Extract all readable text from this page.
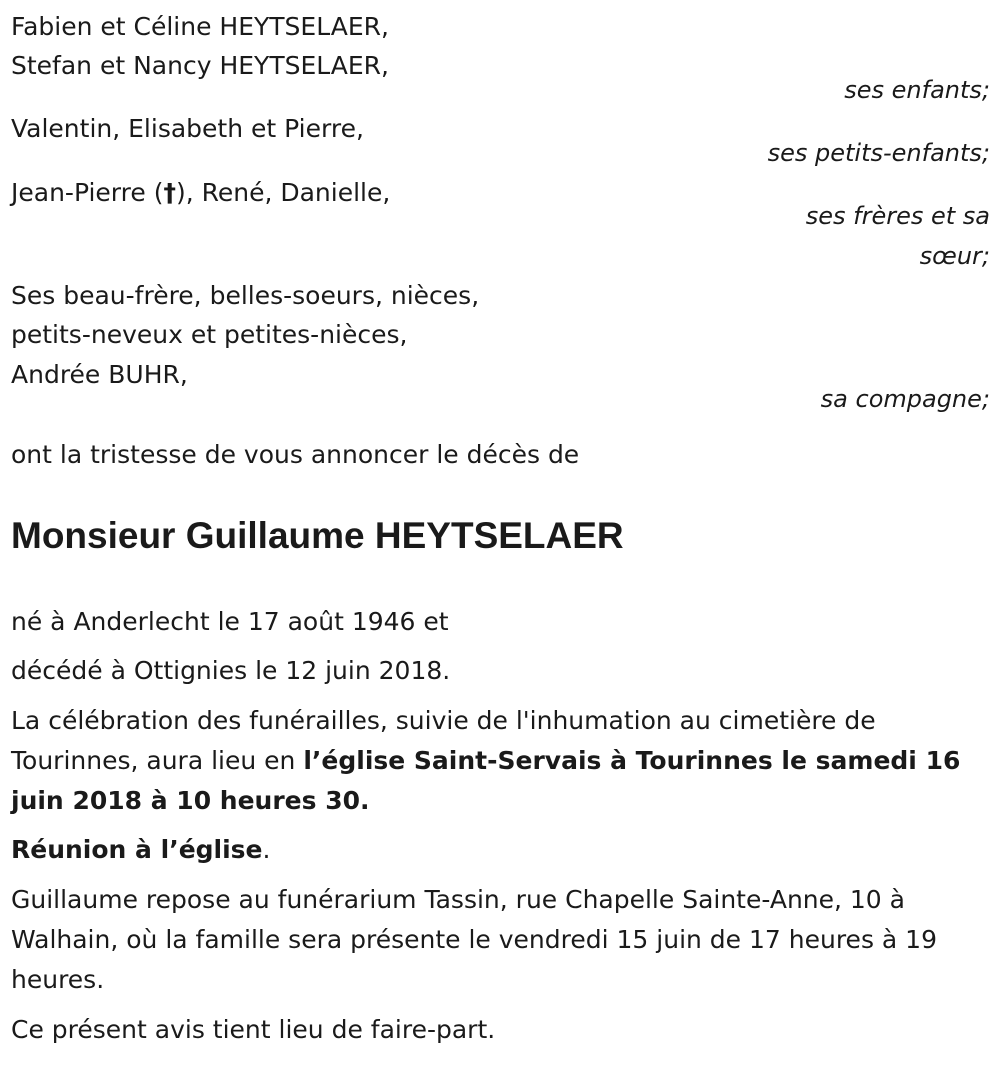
Fabien et Céline HEYTSELAER,
Stefan et Nancy HEYTSELAER,
ses enfants;
Valentin, Elisabeth et Pierre,
ses petits-enfants;
Jean-Pierre (†), René, Danielle,
ses frères et sa
sœur;
Ses beau-frère, belles-soeurs, nièces,
petits-neveux et petites-nièces,
Andrée BUHR,
sa compagne;
ont la tristesse de vous annoncer le décès de
Monsieur Guillaume HEYTSELAER
né à Anderlecht le 17 août 1946 et
décédé à Ottignies le 12 juin 2018.
La célébration des funérailles, suivie de l'inhumation au cimetière de Tourinnes, aura lieu en l’église Saint-Servais à Tourinnes le samedi 16 juin 2018 à 10 heures 30.
Réunion à l’église.
Guillaume repose au funérarium Tassin, rue Chapelle Sainte-Anne, 10 à Walhain, où la famille sera présente le vendredi 15 juin de 17 heures à 19 heures.
Ce présent avis tient lieu de faire-part.
